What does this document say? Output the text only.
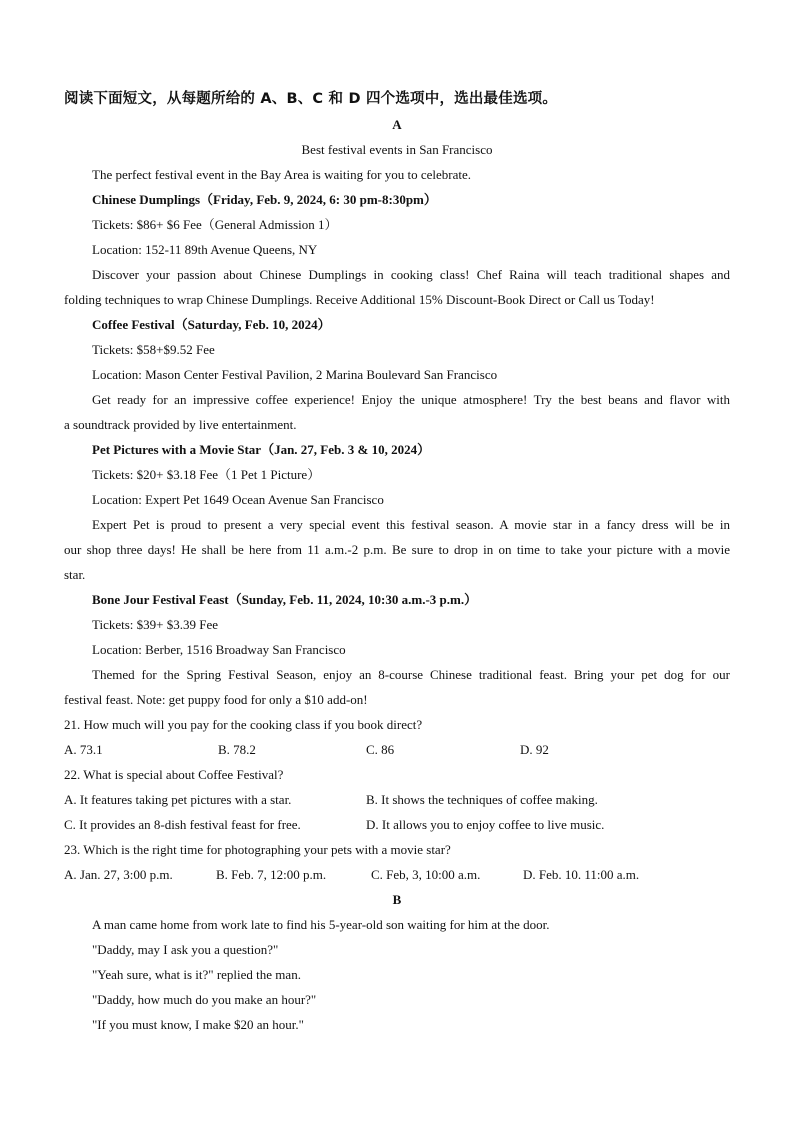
阅读下面短文，从每题所给的 A、B、C 和 D 四个选项中，选出最佳选项。
A
Best festival events in San Francisco
The perfect festival event in the Bay Area is waiting for you to celebrate.
Chinese Dumplings（Friday, Feb. 9, 2024, 6: 30 pm-8:30pm）
Tickets: $86+ $6 Fee（General Admission 1）
Location: 152-11 89th Avenue Queens, NY
Discover your passion about Chinese Dumplings in cooking class! Chef Raina will teach traditional shapes and
folding techniques to wrap Chinese Dumplings. Receive Additional 15% Discount-Book Direct or Call us Today!
Coffee Festival（Saturday, Feb. 10, 2024）
Tickets: $58+$9.52 Fee
Location: Mason Center Festival Pavilion, 2 Marina Boulevard San Francisco
Get ready for an impressive coffee experience! Enjoy the unique atmosphere! Try the best beans and flavor with
a soundtrack provided by live entertainment.
Pet Pictures with a Movie Star（Jan. 27, Feb. 3 & 10, 2024）
Tickets: $20+ $3.18 Fee（1 Pet 1 Picture）
Location: Expert Pet 1649 Ocean Avenue San Francisco
Expert Pet is proud to present a very special event this festival season. A movie star in a fancy dress will be in
our shop three days! He shall be here from 11 a.m.-2 p.m. Be sure to drop in on time to take your picture with a movie
star.
Bone Jour Festival Feast（Sunday, Feb. 11, 2024, 10:30 a.m.-3 p.m.）
Tickets: $39+ $3.39 Fee
Location: Berber, 1516 Broadway San Francisco
Themed for the Spring Festival Season, enjoy an 8-course Chinese traditional feast. Bring your pet dog for our
festival feast. Note: get puppy food for only a $10 add-on!
21. How much will you pay for the cooking class if you book direct?
A. 73.1	B. 78.2	C. 86	D. 92
22. What is special about Coffee Festival?
A. It features taking pet pictures with a star.	B. It shows the techniques of coffee making.
C. It provides an 8-dish festival feast for free.	D. It allows you to enjoy coffee to live music.
23. Which is the right time for photographing your pets with a movie star?
A. Jan. 27, 3:00 p.m.	B. Feb. 7, 12:00 p.m.	C. Feb, 3, 10:00 a.m.	D. Feb. 10. 11:00 a.m.
B
A man came home from work late to find his 5-year-old son waiting for him at the door.
"Daddy, may I ask you a question?"
"Yeah sure, what is it?" replied the man.
"Daddy, how much do you make an hour?"
"If you must know, I make $20 an hour."
